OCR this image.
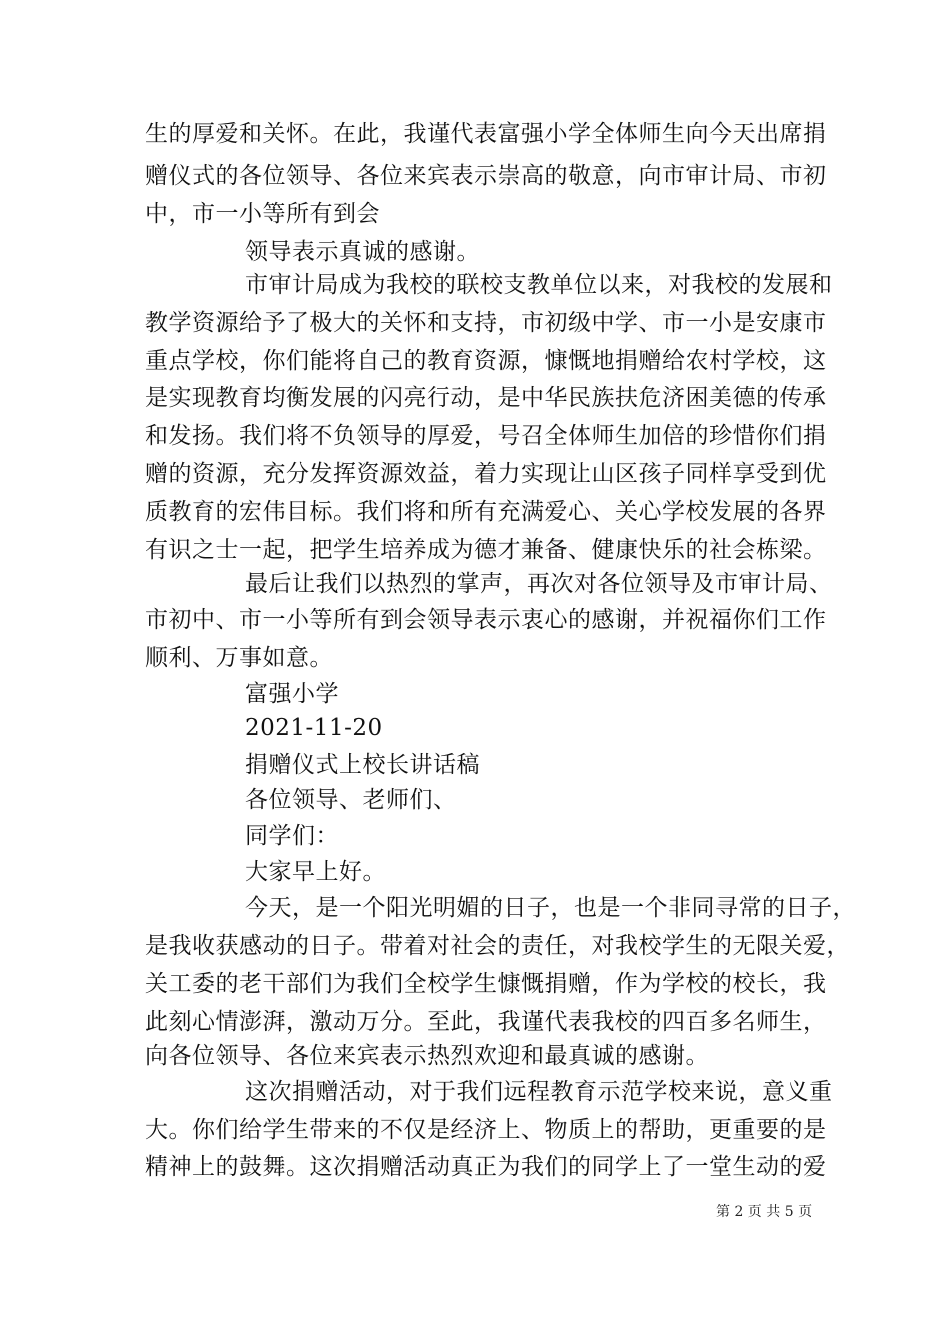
生的厚爱和关怀。在此，我谨代表富强小学全体师生向今天出席捐
赠仪式的各位领导、各位来宾表示崇高的敬意，向市审计局、市初
中，市一小等所有到会
领导表示真诚的感谢。
市审计局成为我校的联校支教单位以来，对我校的发展和
教学资源给予了极大的关怀和支持，市初级中学、市一小是安康市
重点学校，你们能将自己的教育资源，慷慨地捐赠给农村学校，这
是实现教育均衡发展的闪亮行动，是中华民族扶危济困美德的传承
和发扬。我们将不负领导的厚爱，号召全体师生加倍的珍惜你们捐
赠的资源，充分发挥资源效益，着力实现让山区孩子同样享受到优
质教育的宏伟目标。我们将和所有充满爱心、关心学校发展的各界
有识之士一起，把学生培养成为德才兼备、健康快乐的社会栋梁。
最后让我们以热烈的掌声，再次对各位领导及市审计局、
市初中、市一小等所有到会领导表示衷心的感谢，并祝福你们工作
顺利、万事如意。
富强小学
2021-11-20
捐赠仪式上校长讲话稿
各位领导、老师们、
同学们：
大家早上好。
今天，是一个阳光明媚的日子，也是一个非同寻常的日子，
是我收获感动的日子。带着对社会的责任，对我校学生的无限关爱，
关工委的老干部们为我们全校学生慷慨捐赠，作为学校的校长，我
此刻心情澎湃，激动万分。至此，我谨代表我校的四百多名师生，
向各位领导、各位来宾表示热烈欢迎和最真诚的感谢。
这次捐赠活动，对于我们远程教育示范学校来说，意义重
大。你们给学生带来的不仅是经济上、物质上的帮助，更重要的是
精神上的鼓舞。这次捐赠活动真正为我们的同学上了一堂生动的爱
第 2 页 共 5 页
